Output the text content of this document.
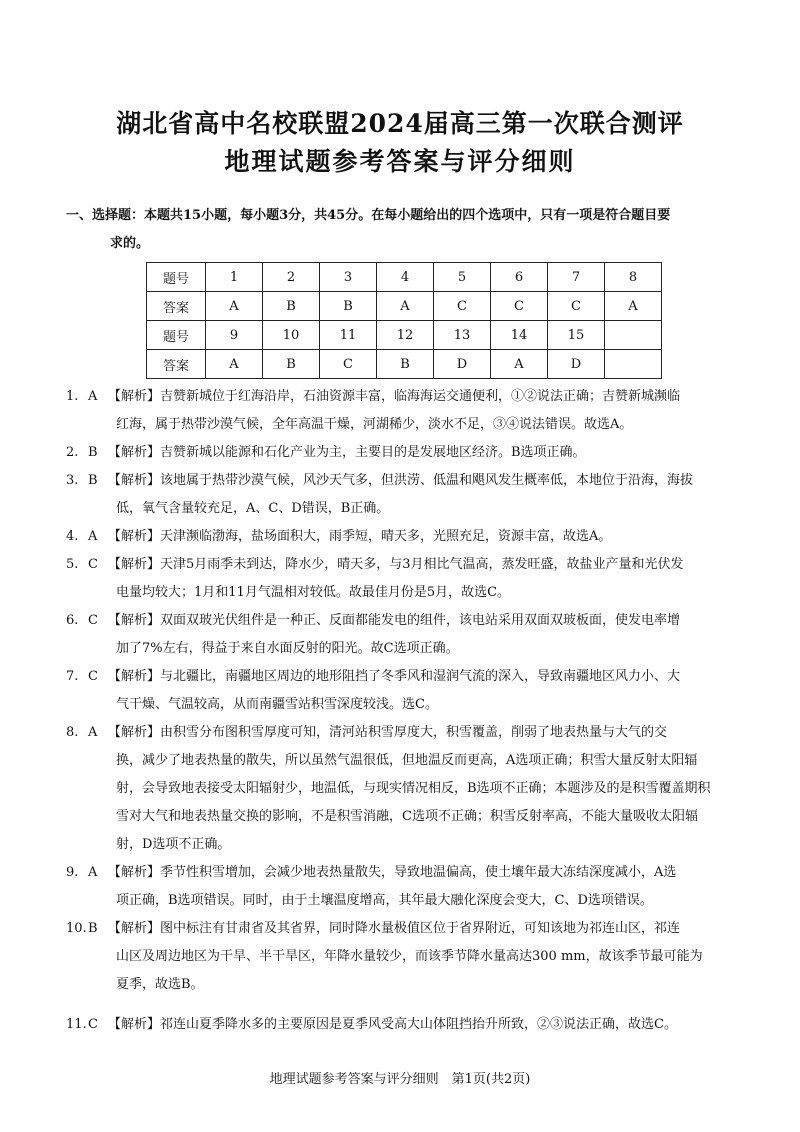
湖北省高中名校联盟2024届高三第一次联合测评
地理试题参考答案与评分细则
一、选择题：本题共15小题，每小题3分，共45分。在每小题给出的四个选项中，只有一项是符合题目要
求的。
题号	1	2	3	4	5	6	7	8
答案	A	B	B	A	C	C	C	A
题号	9	10	11	12	13	14	15	
答案	A	B	C	B	D	A	D	
1. A 【解析】吉赞新城位于红海沿岸，石油资源丰富，临海海运交通便利，①②说法正确；吉赞新城濒临
红海，属于热带沙漠气候，全年高温干燥，河湖稀少，淡水不足，③④说法错误。故选A。
2. B 【解析】吉赞新城以能源和石化产业为主，主要目的是发展地区经济。B选项正确。
3. B 【解析】该地属于热带沙漠气候，风沙天气多，但洪涝、低温和飓风发生概率低，本地位于沿海，海拔
低，氧气含量较充足，A、C、D错误，B正确。
4. A 【解析】天津濒临渤海，盐场面积大，雨季短，晴天多，光照充足，资源丰富，故选A。
5. C 【解析】天津5月雨季未到达，降水少，晴天多，与3月相比气温高，蒸发旺盛，故盐业产量和光伏发
电量均较大；1月和11月气温相对较低。故最佳月份是5月，故选C。
6. C 【解析】双面双玻光伏组件是一种正、反面都能发电的组件，该电站采用双面双玻板面，使发电率增
加了7%左右，得益于来自水面反射的阳光。故C选项正确。
7. C 【解析】与北疆比，南疆地区周边的地形阻挡了冬季风和湿润气流的深入，导致南疆地区风力小、大
气干燥、气温较高，从而南疆雪站积雪深度较浅。选C。
8. A 【解析】由积雪分布图积雪厚度可知，清河站积雪厚度大，积雪覆盖，削弱了地表热量与大气的交
换，减少了地表热量的散失，所以虽然气温很低，但地温反而更高，A选项正确；积雪大量反射太阳辐
射，会导致地表接受太阳辐射少，地温低，与现实情况相反，B选项不正确；本题涉及的是积雪覆盖期积
雪对大气和地表热量交换的影响，不是积雪消融，C选项不正确；积雪反射率高，不能大量吸收太阳辐
射，D选项不正确。
9. A 【解析】季节性积雪增加，会减少地表热量散失，导致地温偏高，使土壤年最大冻结深度减小，A选
项正确，B选项错误。同时，由于土壤温度增高，其年最大融化深度会变大，C、D选项错误。
10.B 【解析】图中标注有甘肃省及其省界，同时降水量极值区位于省界附近，可知该地为祁连山区，祁连
山区及周边地区为干旱、半干旱区，年降水量较少，而该季节降水量高达300 mm，故该季节最可能为
夏季，故选B。
11.C 【解析】祁连山夏季降水多的主要原因是夏季风受高大山体阻挡抬升所致，②③说法正确，故选C。
地理试题参考答案与评分细则　第1页(共2页)
